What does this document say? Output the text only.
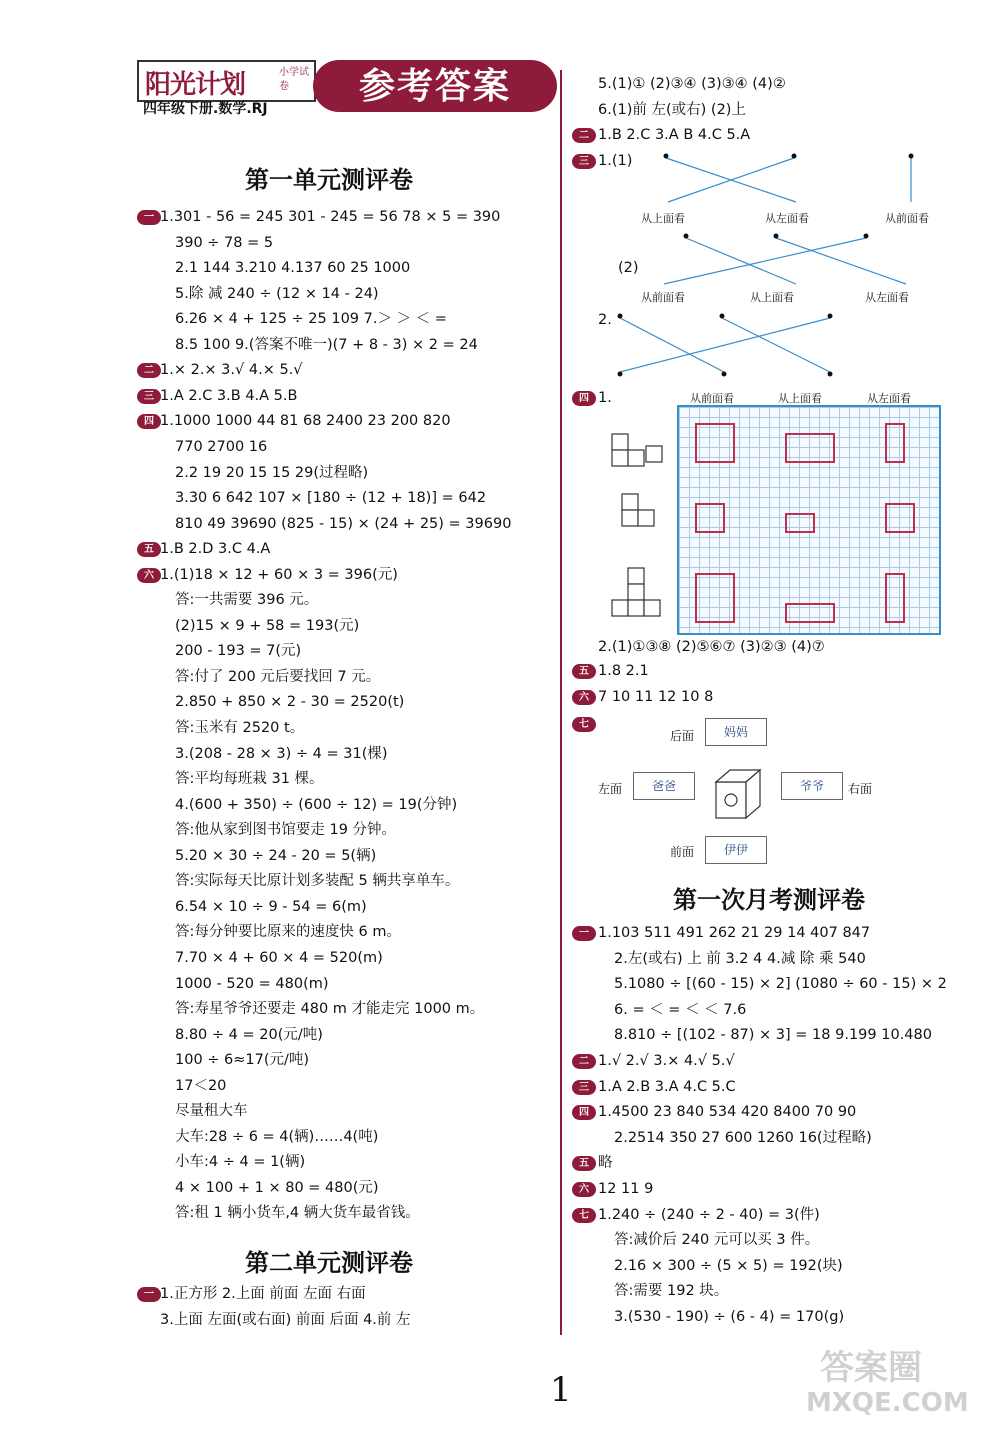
阳光计划	小学试卷
四年级下册.数学.RJ
参考答案
第一单元测评卷
一 1.301 - 56 = 245 301 - 245 = 56 78 × 5 = 390
390 ÷ 78 = 5
2.1 144 3.210 4.137 60 25 1000
5.除 减 240 ÷ (12 × 14 - 24)
6.26 × 4 + 125 ÷ 25 109 7.＞ ＞ ＜ =
8.5 100 9.(答案不唯一)(7 + 8 - 3) × 2 = 24
二 1.× 2.× 3.√ 4.× 5.√
三 1.A 2.C 3.B 4.A 5.B
四 1.1000 1000 44 81 68 2400 23 200 820
770 2700 16
2.2 19 20 15 15 29(过程略)
3.30 6 642 107 × [180 ÷ (12 + 18)] = 642
810 49 39690 (825 - 15) × (24 + 25) = 39690
五 1.B 2.D 3.C 4.A
六 1.(1)18 × 12 + 60 × 3 = 396(元)
答:一共需要 396 元。
(2)15 × 9 + 58 = 193(元)
200 - 193 = 7(元)
答:付了 200 元后要找回 7 元。
2.850 + 850 × 2 - 30 = 2520(t)
答:玉米有 2520 t。
3.(208 - 28 × 3) ÷ 4 = 31(棵)
答:平均每班栽 31 棵。
4.(600 + 350) ÷ (600 ÷ 12) = 19(分钟)
答:他从家到图书馆要走 19 分钟。
5.20 × 30 ÷ 24 - 20 = 5(辆)
答:实际每天比原计划多装配 5 辆共享单车。
6.54 × 10 ÷ 9 - 54 = 6(m)
答:每分钟要比原来的速度快 6 m。
7.70 × 4 + 60 × 4 = 520(m)
1000 - 520 = 480(m)
答:寿星爷爷还要走 480 m 才能走完 1000 m。
8.80 ÷ 4 = 20(元/吨)
100 ÷ 6≈17(元/吨)
17＜20
尽量租大车
大车:28 ÷ 6 = 4(辆)……4(吨)
小车:4 ÷ 4 = 1(辆)
4 × 100 + 1 × 80 = 480(元)
答:租 1 辆小货车,4 辆大货车最省钱。
第二单元测评卷
一 1.正方形 2.上面 前面 左面 右面
3.上面 左面(或右面) 前面 后面 4.前 左
5.(1)① (2)③④ (3)③④ (4)②
6.(1)前 左(或右) (2)上
二 1.B 2.C 3.A B 4.C 5.A
三 1.(1)
从上面看	从左面看	从前面看
(2)
从前面看	从上面看	从左面看
2.
四 1.	从前面看	从上面看	从左面看
2.(1)①③⑧ (2)⑤⑥⑦ (3)②③ (4)⑦
五 1.8 2.1
六 7 10 11 12 10 8
七
后面	妈妈
左面	爸爸	爷爷	右面
前面	伊伊
第一次月考测评卷
一 1.103 511 491 262 21 29 14 407 847
2.左(或右) 上 前 3.2 4 4.减 除 乘 540
5.1080 ÷ [(60 - 15) × 2] (1080 ÷ 60 - 15) × 2
6. = ＜ = ＜ ＜ 7.6
8.810 ÷ [(102 - 87) × 3] = 18 9.199 10.480
二 1.√ 2.√ 3.× 4.√ 5.√
三 1.A 2.B 3.A 4.C 5.C
四 1.4500 23 840 534 420 8400 70 90
2.2514 350 27 600 1260 16(过程略)
五 略
六 12 11 9
七 1.240 ÷ (240 ÷ 2 - 40) = 3(件)
答:减价后 240 元可以买 3 件。
2.16 × 300 ÷ (5 × 5) = 192(块)
答:需要 192 块。
3.(530 - 190) ÷ (6 - 4) = 170(g)
1
答案圈
MXQE.COM
